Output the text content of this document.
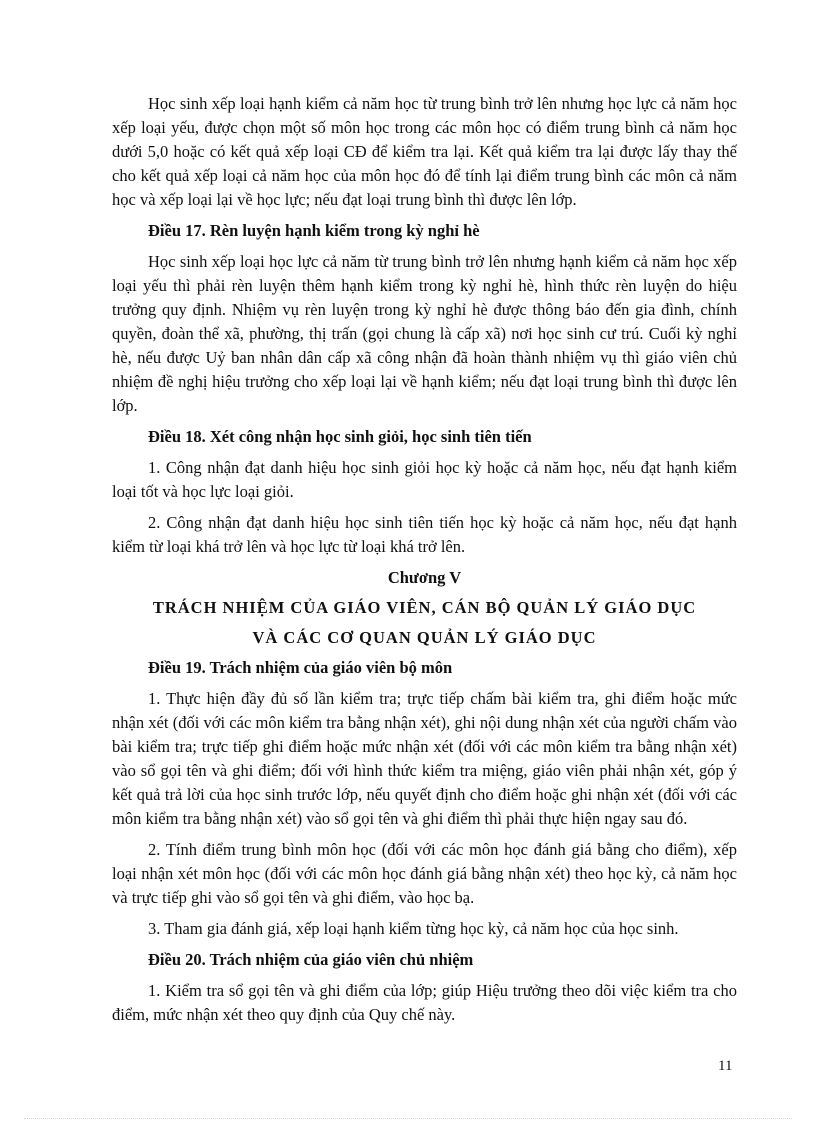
Học sinh xếp loại hạnh kiểm cả năm học từ trung bình trở lên nhưng học lực cả năm học xếp loại yếu, được chọn một số môn học trong các môn học có điểm trung bình cả năm học dưới 5,0 hoặc có kết quả xếp loại CĐ để kiểm tra lại. Kết quả kiểm tra lại được lấy thay thế cho kết quả xếp loại cả năm học của môn học đó để tính lại điểm trung bình các môn cả năm học và xếp loại lại về học lực; nếu đạt loại trung bình thì được lên lớp.

Điều 17. Rèn luyện hạnh kiểm trong kỳ nghỉ hè

Học sinh xếp loại học lực cả năm từ trung bình trở lên nhưng hạnh kiểm cả năm học xếp loại yếu thì phải rèn luyện thêm hạnh kiểm trong kỳ nghỉ hè, hình thức rèn luyện do hiệu trưởng quy định. Nhiệm vụ rèn luyện trong kỳ nghỉ hè được thông báo đến gia đình, chính quyền, đoàn thể xã, phường, thị trấn (gọi chung là cấp xã) nơi học sinh cư trú. Cuối kỳ nghỉ hè, nếu được Uỷ ban nhân dân cấp xã công nhận đã hoàn thành nhiệm vụ thì giáo viên chủ nhiệm đề nghị hiệu trưởng cho xếp loại lại về hạnh kiểm; nếu đạt loại trung bình thì được lên lớp.

Điều 18. Xét công nhận học sinh giỏi, học sinh tiên tiến

1. Công nhận đạt danh hiệu học sinh giỏi học kỳ hoặc cả năm học, nếu đạt hạnh kiểm loại tốt và học lực loại giỏi.

2. Công nhận đạt danh hiệu học sinh tiên tiến học kỳ hoặc cả năm học, nếu đạt hạnh kiểm từ loại khá trở lên và học lực từ loại khá trở lên.

Chương V
TRÁCH NHIỆM CỦA GIÁO VIÊN, CÁN BỘ QUẢN LÝ GIÁO DỤC
VÀ CÁC CƠ QUAN QUẢN LÝ GIÁO DỤC

Điều 19. Trách nhiệm của giáo viên bộ môn

1. Thực hiện đầy đủ số lần kiểm tra; trực tiếp chấm bài kiểm tra, ghi điểm hoặc mức nhận xét (đối với các môn kiểm tra bằng nhận xét), ghi nội dung nhận xét của người chấm vào bài kiểm tra; trực tiếp ghi điểm hoặc mức nhận xét (đối với các môn kiểm tra bằng nhận xét) vào sổ gọi tên và ghi điểm; đối với hình thức kiểm tra miệng, giáo viên phải nhận xét, góp ý kết quả trả lời của học sinh trước lớp, nếu quyết định cho điểm hoặc ghi nhận xét (đối với các môn kiểm tra bằng nhận xét) vào sổ gọi tên và ghi điểm thì phải thực hiện ngay sau đó.

2. Tính điểm trung bình môn học (đối với các môn học đánh giá bằng cho điểm), xếp loại nhận xét môn học (đối với các môn học đánh giá bằng nhận xét) theo học kỳ, cả năm học và trực tiếp ghi vào sổ gọi tên và ghi điểm, vào học bạ.

3. Tham gia đánh giá, xếp loại hạnh kiểm từng học kỳ, cả năm học của học sinh.

Điều 20. Trách nhiệm của giáo viên chủ nhiệm

1. Kiểm tra sổ gọi tên và ghi điểm của lớp; giúp Hiệu trưởng theo dõi việc kiểm tra cho điểm, mức nhận xét theo quy định của Quy chế này.

11
